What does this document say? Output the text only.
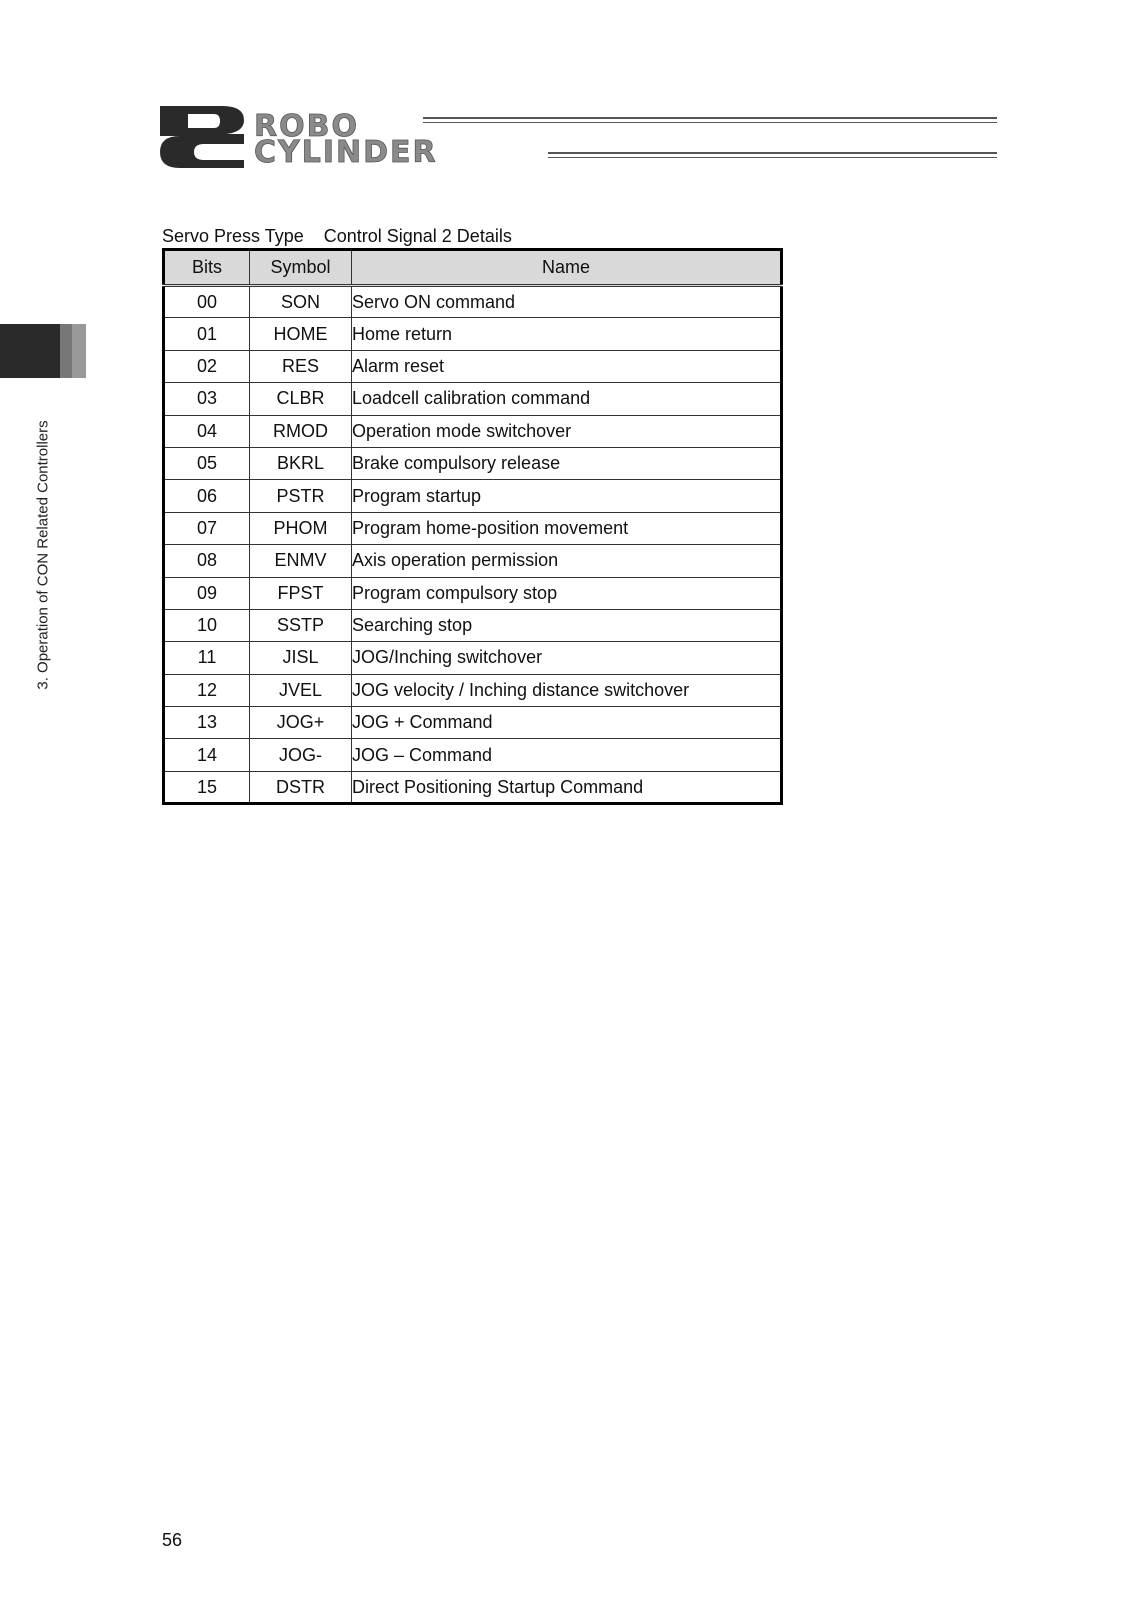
ROBO
CYLINDER
3. Operation of CON Related Controllers
Servo Press Type    Control Signal 2 Details
Bits	Symbol	Name
00	SON	Servo ON command
01	HOME	Home return
02	RES	Alarm reset
03	CLBR	Loadcell calibration command
04	RMOD	Operation mode switchover
05	BKRL	Brake compulsory release
06	PSTR	Program startup
07	PHOM	Program home-position movement
08	ENMV	Axis operation permission
09	FPST	Program compulsory stop
10	SSTP	Searching stop
11	JISL	JOG/Inching switchover
12	JVEL	JOG velocity / Inching distance switchover
13	JOG+	JOG + Command
14	JOG-	JOG – Command
15	DSTR	Direct Positioning Startup Command
56
